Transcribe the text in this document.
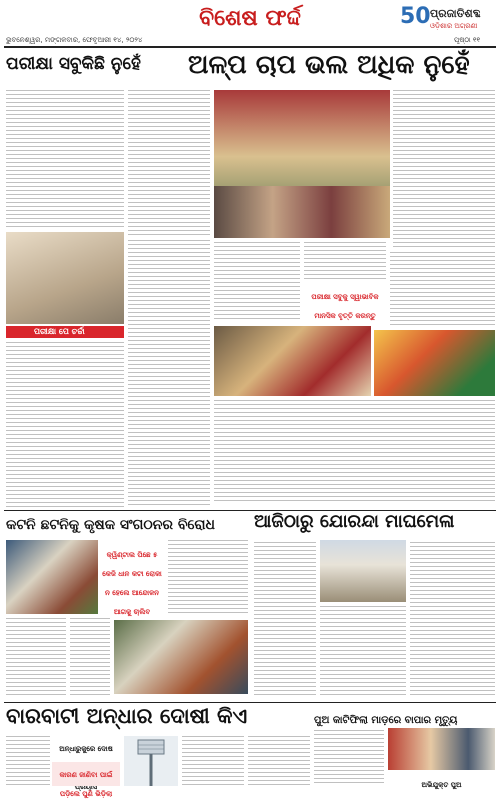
ବିଶେଷ ଫର୍ଦ୍ଦ	50 ପ୍ରଜାତିଶବ୍ଦ
ଓଡ଼ିଶାର ଅଗ୍ରଣୀ
ଭୁବନେଶ୍ୱର, ମଙ୍ଗଳବାର, ଫେବୃଆରୀ ୧୪, ୨୦୨୪	ପୃଷ୍ଠା ୧୧
ପରୀକ୍ଷା ସବୁକିଛି ନୁହେଁ	ଅଳ୍ପ ଚାପ ଭଲ ଅଧିକ ନୁହେଁ
ପରୀକ୍ଷା ପେ ଚର୍ଚ୍ଚା
ପରୀକ୍ଷା ସବୁକୁ ସ୍ୱାଭାବିକ ମାନସିକ ବୃତ୍ତି କରନ୍ତୁ
କଟନି ଛଟନିକୁ କୃଷକ ସଂଗଠନର ବିରୋଧ	ଆଜିଠାରୁ ଯୋରନ୍ଦା ମାଘମେଳା
କ୍ୱିଣ୍ଟାଲ ପିଛେ ୫ କେଜି ଧାନ କଟା ରୋକା ନ ହେଲେ ଆନ୍ଦୋଳନ ଆଗକୁ ଚାଲିବ
ବାରବାଟୀ ଅନ୍ଧାର ଦୋଷୀ କିଏ	ପୁଅ କାଟିଫିଲା ମାଡ଼ରେ ବାପାର ମୃତ୍ୟୁ
ଅନ୍ଧାରୁକୁରେ ଦୋଷ
କାରଣ ଜାଣିବା ପାଇଁ ପଡ଼ିଲେ ପୁଣି ଭିଡ଼ିଲା
ଅଭିଯୁକ୍ତ ପୁଅ
